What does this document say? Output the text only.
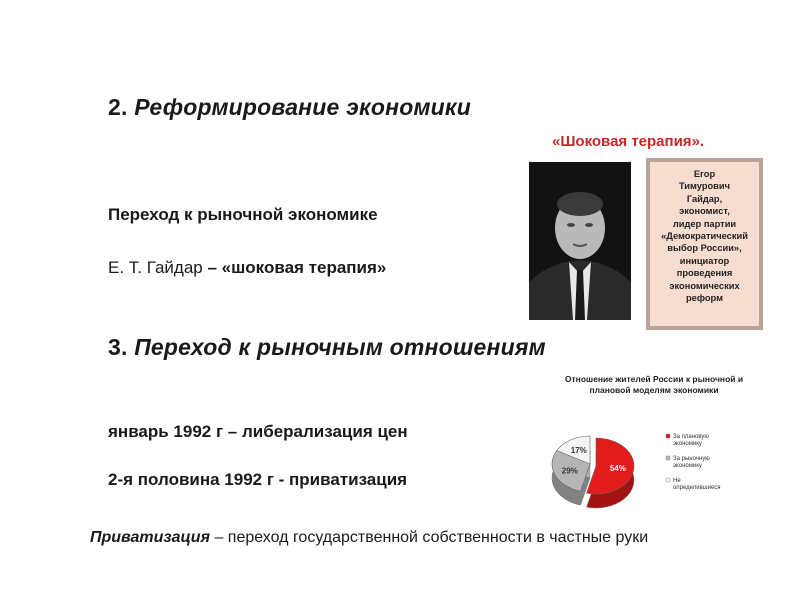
2. Реформирование экономики
Переход к рыночной экономике
Е. Т. Гайдар – «шоковая терапия»
«Шоковая терапия».
Егор
Тимурович
Гайдар,
экономист,
лидер партии
«Демократический
выбор России»,
инициатор
проведения
экономических
реформ
3. Переход к рыночным отношениям
Отношение жителей России к рыночной и плановой моделям экономики
54%
29%
17%
За плановую экономику
За рыночную экономику
Не определившиеся
январь 1992 г – либерализация цен
2-я половина 1992 г - приватизация
Приватизация – переход государственной собственности в частные руки
